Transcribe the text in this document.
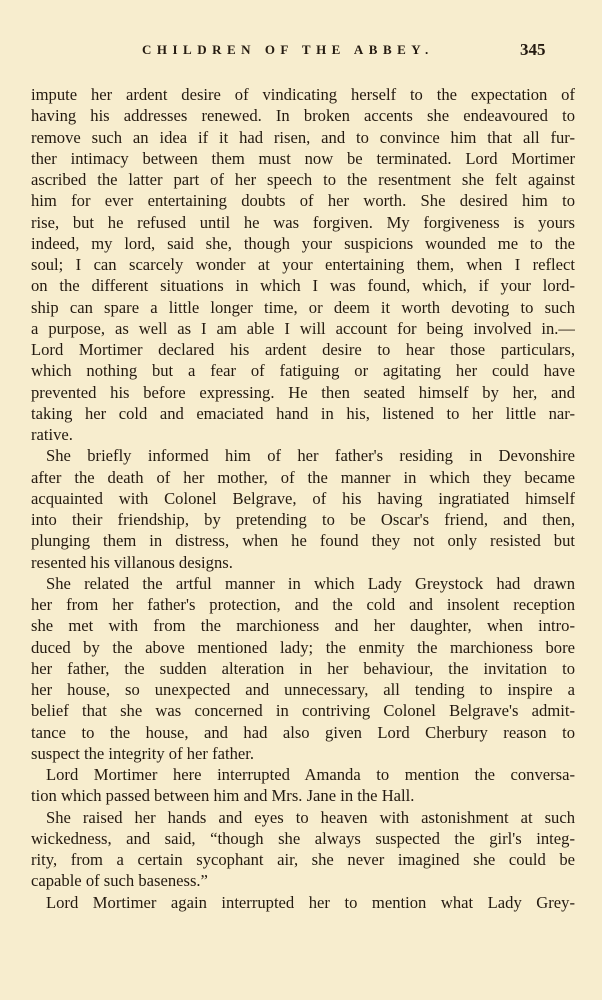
CHILDREN OF THE ABBEY.	345
impute her ardent desire of vindicating herself to the expectation of
having his addresses renewed. In broken accents she endeavoured to
remove such an idea if it had risen, and to convince him that all fur-
ther intimacy between them must now be terminated. Lord Mortimer
ascribed the latter part of her speech to the resentment she felt against
him for ever entertaining doubts of her worth. She desired him to
rise, but he refused until he was forgiven. My forgiveness is yours
indeed, my lord, said she, though your suspicions wounded me to the
soul; I can scarcely wonder at your entertaining them, when I reflect
on the different situations in which I was found, which, if your lord-
ship can spare a little longer time, or deem it worth devoting to such
a purpose, as well as I am able I will account for being involved in.—
Lord Mortimer declared his ardent desire to hear those particulars,
which nothing but a fear of fatiguing or agitating her could have
prevented his before expressing. He then seated himself by her, and
taking her cold and emaciated hand in his, listened to her little nar-
rative.
She briefly informed him of her father's residing in Devonshire
after the death of her mother, of the manner in which they became
acquainted with Colonel Belgrave, of his having ingratiated himself
into their friendship, by pretending to be Oscar's friend, and then,
plunging them in distress, when he found they not only resisted but
resented his villanous designs.
She related the artful manner in which Lady Greystock had drawn
her from her father's protection, and the cold and insolent reception
she met with from the marchioness and her daughter, when intro-
duced by the above mentioned lady; the enmity the marchioness bore
her father, the sudden alteration in her behaviour, the invitation to
her house, so unexpected and unnecessary, all tending to inspire a
belief that she was concerned in contriving Colonel Belgrave's admit-
tance to the house, and had also given Lord Cherbury reason to
suspect the integrity of her father.
Lord Mortimer here interrupted Amanda to mention the conversa-
tion which passed between him and Mrs. Jane in the Hall.
She raised her hands and eyes to heaven with astonishment at such
wickedness, and said, “though she always suspected the girl's integ-
rity, from a certain sycophant air, she never imagined she could be
capable of such baseness.”
Lord Mortimer again interrupted her to mention what Lady Grey-
